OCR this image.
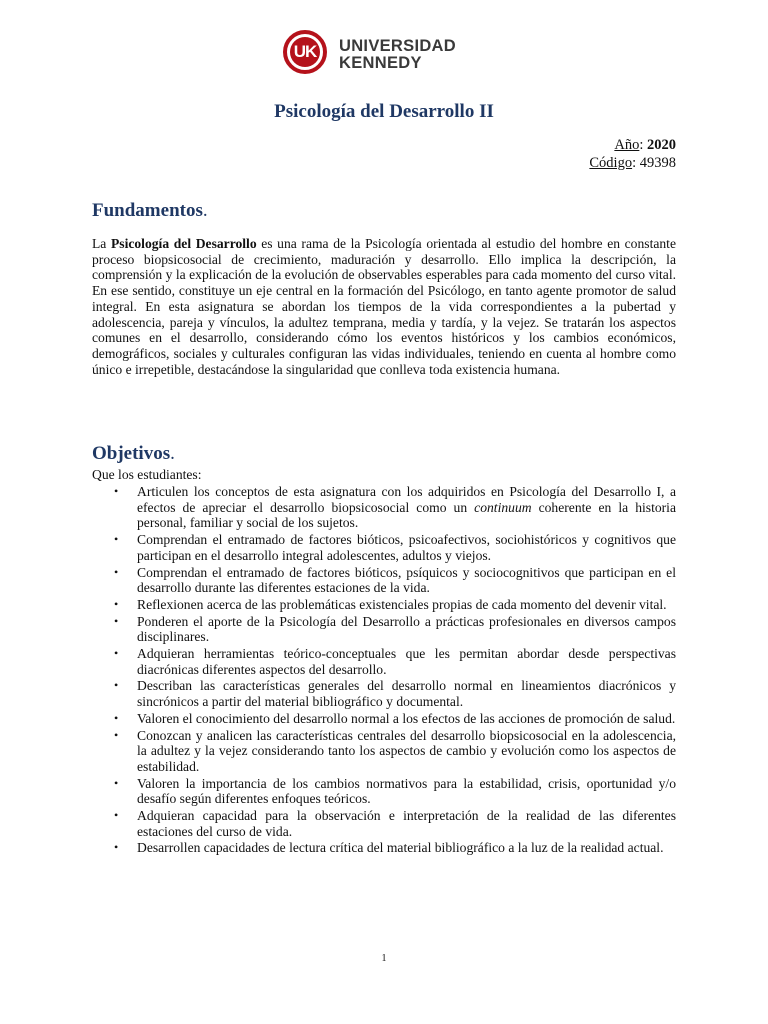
UK UNIVERSIDAD
KENNEDY
Psicología del Desarrollo II
Año: 2020
Código: 49398
Fundamentos.
La Psicología del Desarrollo es una rama de la Psicología orientada al estudio del hombre en constante proceso biopsicosocial de crecimiento, maduración y desarrollo. Ello implica la descripción, la comprensión y la explicación de la evolución de observables esperables para cada momento del curso vital. En ese sentido, constituye un eje central en la formación del Psicólogo, en tanto agente promotor de salud integral. En esta asignatura se abordan los tiempos de la vida correspondientes a la pubertad y adolescencia, pareja y vínculos, la adultez temprana, media y tardía, y la vejez. Se tratarán los aspectos comunes en el desarrollo, considerando cómo los eventos históricos y los cambios económicos, demográficos, sociales y culturales configuran las vidas individuales, teniendo en cuenta al hombre como único e irrepetible, destacándose la singularidad que conlleva toda existencia humana.
Objetivos.
Que los estudiantes:
• Articulen los conceptos de esta asignatura con los adquiridos en Psicología del Desarrollo I, a efectos de apreciar el desarrollo biopsicosocial como un continuum coherente en la historia personal, familiar y social de los sujetos.
• Comprendan el entramado de factores bióticos, psicoafectivos, sociohistóricos y cognitivos que participan en el desarrollo integral adolescentes, adultos y viejos.
• Comprendan el entramado de factores bióticos, psíquicos y sociocognitivos que participan en el desarrollo durante las diferentes estaciones de la vida.
• Reflexionen acerca de las problemáticas existenciales propias de cada momento del devenir vital.
• Ponderen el aporte de la Psicología del Desarrollo a prácticas profesionales en diversos campos disciplinares.
• Adquieran herramientas teórico-conceptuales que les permitan abordar desde perspectivas diacrónicas diferentes aspectos del desarrollo.
• Describan las características generales del desarrollo normal en lineamientos diacrónicos y sincrónicos a partir del material bibliográfico y documental.
• Valoren el conocimiento del desarrollo normal a los efectos de las acciones de promoción de salud.
• Conozcan y analicen las características centrales del desarrollo biopsicosocial en la adolescencia, la adultez y la vejez considerando tanto los aspectos de cambio y evolución como los aspectos de estabilidad.
• Valoren la importancia de los cambios normativos para la estabilidad, crisis, oportunidad y/o desafío según diferentes enfoques teóricos.
• Adquieran capacidad para la observación e interpretación de la realidad de las diferentes estaciones del curso de vida.
• Desarrollen capacidades de lectura crítica del material bibliográfico a la luz de la realidad actual.
1
